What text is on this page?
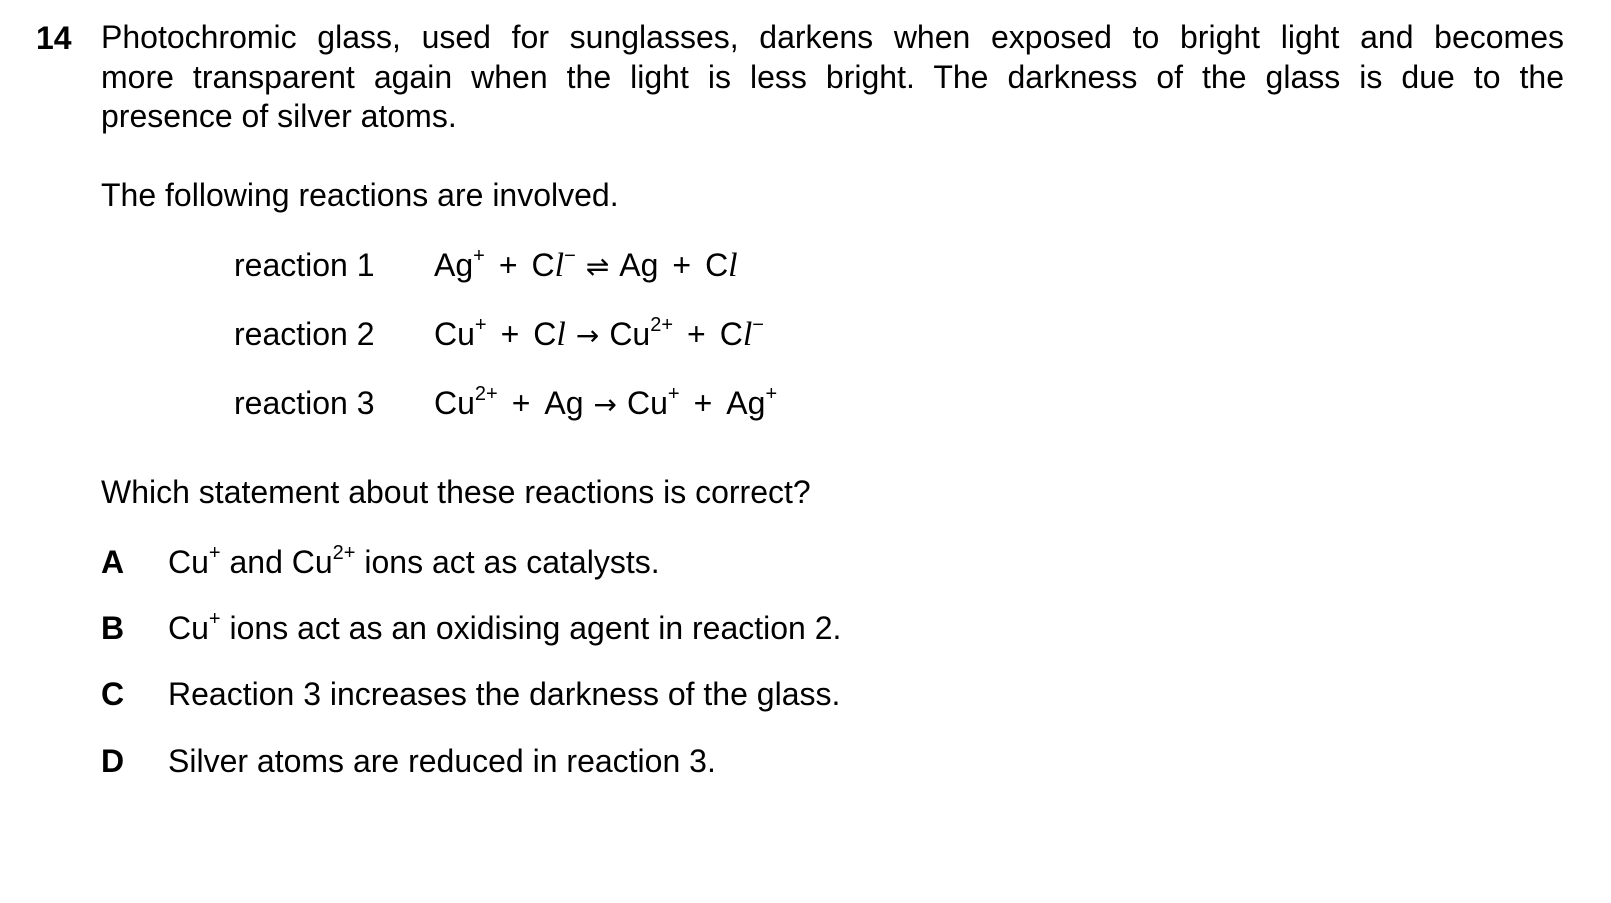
14 Photochromic glass, used for sunglasses, darkens when exposed to bright light and becomes
more transparent again when the light is less bright. The darkness of the glass is due to the
presence of silver atoms.
The following reactions are involved.
reaction 1 Ag+ + Cl− ⇌ Ag + Cl
reaction 2 $Cu^+ + Cl \to Cu^{2+} + Cl^-$
reaction 3 $Cu^{2+} + Ag \to Cu^+ + Ag^+$
Which statement about these reactions is correct?
A Cu+ and $Cu^{2+}$ ions act as catalysts.
B Cu+ ions act as an oxidising agent in reaction 2.
C Reaction 3 increases the darkness of the glass.
D Silver atoms are reduced in reaction 3.
